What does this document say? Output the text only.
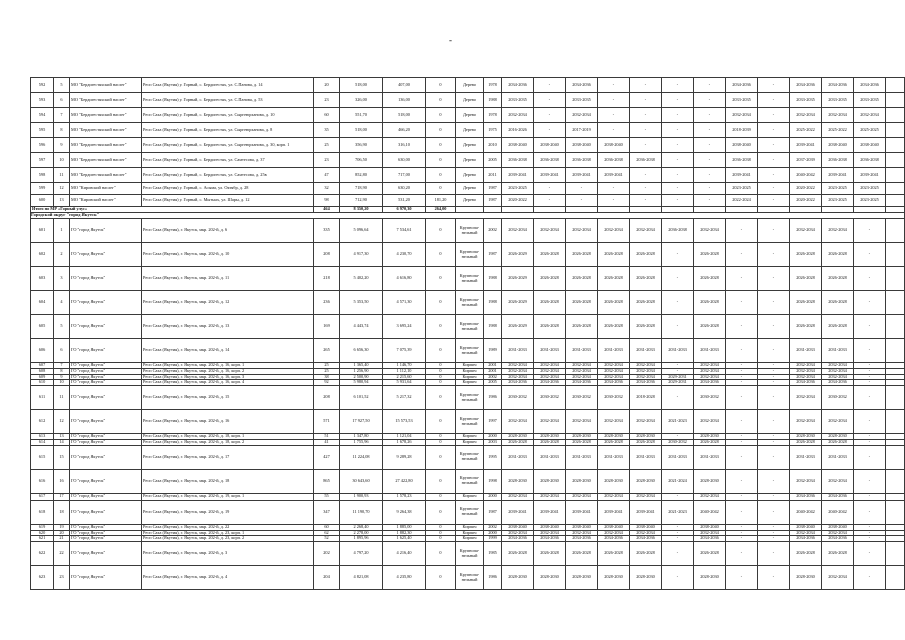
-
592	5	МО "Бердигестяхский наслег"	Респ Саха (Якутия) у. Горный, с. Бердигестях, ул. С.Панова, д. 14	20	518,00	407,00	0	Дерево	1978	2034-2036	-	2034-2036	-	-	-	-	2034-2036	-	2034-2036	2034-2036	2034-2036	
593	6	МО "Бердигестяхский наслег"	Респ Саха (Якутия) у. Горный, с. Бердигестях, ул. С.Панова, д. 53	23	326,00	136,00	0	Дерево	1988	2033-2035	-	2033-2035	-	-	-	-	2033-2035	-	2033-2035	2033-2035	2033-2035	
594	7	МО "Бердигестяхский наслег"	Респ Саха (Якутия) у. Горный, с. Бердигестях, ул. Сыргеюрханова, д. 10	60	551,70	518,00	0	Дерево	1978	2032-2034	-	2032-2034	-	-	-	-	2032-2034	-	2032-2034	2032-2034	2032-2034	
595	8	МО "Бердигестяхский наслег"	Респ Саха (Якутия) у. Горный, с. Бердигестях, ул. Сыргеюрханова, д. 8	35	518,00	466,20	0	Дерево	1975	2016-2026	-	2017-2019	-	-	-	-	2018-2039	-	2025-2022	2025-2022	2025-2025	
596	9	МО "Бердигестяхский наслег"	Респ Саха (Якутия) у. Горный, с. Бердигестях, ул. Сыргеюрханова, д. 30, корп. 1	25	356,90	316,10	0	Дерево	2010	2038-2040	2038-2040	2038-2040	2038-2040	-	-	-	2038-2040	-	2039-2041	2038-2040	2038-2040	
597	10	МО "Бердигестяхский наслег"	Респ Саха (Якутия) у. Горный, с. Бердигестях, ул. Самтесова, д. 37	23	706,50	630,00	0	Дерево	2005	2036-2038	2036-2038	2036-2038	2036-2038	2036-2038	-	-	2036-2038	-	2037-2039	2036-2038	2036-2038	
598	11	МО "Бердигестяхский наслег"	Респ Саха (Якутия) у. Горный, с. Бердигестях, ул. Самтесова, д. 25в	47	852,80	717,00	0	Дерево	2011	2039-2041	2039-2041	2039-2041	2039-2041	-	-	-	2039-2041	-	2040-2042	2039-2041	2039-2041	
599	12	МО "Кировский наслег"	Респ Саха (Якутия) у. Горный, с. Асыма, ул. Октябр, д. 28	32	718,90	630,20	0	Дерево	1987	2023-2025	-	-	-	-	-	-	2023-2025	-	2020-2022	2023-2025	2023-2025	
600	13	МО "Кировский наслег"	Респ Саха (Якутия) у. Горный, с. Мытыах, ул. Шары, д. 12	98	712,90	531,20	181,20	Дерево	1987	2020-2022	-	-	-	-	-	-	2022-2024	-	2020-2022	2023-2025	2023-2025	
Итого по МР «Горный улус»				464	8 350,20	6 970,30	264,00															
Городской округ "город Якутск"																						
601	1	ГО "город Якутск"	Респ Саха (Якутия), г. Якутск, мкр. 202-й, д. 6	335	5 096,64	7 534,61	0	Крупнопа- нельный	2002	2032-2034	2032-2034	2032-2034	2032-2034	2032-2034	2036-2038	2032-2034	-	-	2032-2034	2032-2034	-	
602	2	ГО "город Якутск"	Респ Саха (Якутия), г. Якутск, мкр. 202-й, д. 10	208	4 917,30	4 230,70	0	Крупнопа- нельный	1987	2026-2029	2026-2028	2026-2028	2026-2028	2026-2028	-	2026-2028	-	-	2026-2028	2026-2028	-	
603	3	ГО "город Якутск"	Респ Саха (Якутия), г. Якутск, мкр. 202-й, д. 11	218	5 402,20	4 616,80	0	Крупнопа- нельный	1988	2026-2029	2026-2028	2026-2028	2026-2028	2026-2028	-	2026-2028	-	-	2026-2028	2026-2028	-	
604	4	ГО "город Якутск"	Респ Саха (Якутия), г. Якутск, мкр. 202-й, д. 12	236	5 353,50	4 571,30	0	Крупнопа- нельный	1988	2026-2029	2026-2028	2026-2028	2026-2028	2026-2028	-	2026-2028	-	-	2026-2028	2026-2028	-	
605	5	ГО "город Якутск"	Респ Саха (Якутия), г. Якутск, мкр. 202-й, д. 13	169	4 443,74	3 695,24	0	Крупнопа- нельный	1988	2026-2029	2026-2028	2026-2028	2026-2028	2026-2028	-	2026-2028	-	-	2026-2028	2026-2028	-	
606	6	ГО "город Якутск"	Респ Саха (Якутия), г. Якутск, мкр. 202-й, д. 14	265	6 656,30	7 075,39	0	Крупнопа- нельный	1989	2031-2033	2031-2033	2031-2033	2031-2033	2031-2033	2031-2033	2031-2033	-	-	2031-2033	2031-2033	-	
607	7	ГО "город Якутск"	Респ Саха (Якутия), г. Якутск, мкр. 202-й, д. 16, корп. 1	25	1 365,40	1 146,70	0	Кирпич	2001	2032-2034	2032-2034	2032-2034	2032-2034	2032-2034	-	2032-2034	-	-	2032-2034	2032-2034	-	
608	8	ГО "город Якутск"	Респ Саха (Якутия), г. Якутск, мкр. 202-й, д. 16, корп. 2	25	1 256,90	1 112,10	0	Кирпич	2001	2032-2034	2032-2034	2032-2034	2032-2034	2032-2034	-	2032-2034	-	-	2032-2034	2032-2034	-	
609	9	ГО "город Якутск"	Респ Саха (Якутия), г. Якутск, мкр. 202-й, д. 16, корп. 3	38	2 500,90	2 215,60	0	Кирпич	2002	2032-2034	2032-2034	2032-2034	2032-2034	2032-2034	2029-2031	2032-2034	-	-	2032-2034	2032-2034	-	
610	10	ГО "город Якутск"	Респ Саха (Якутия), г. Якутск, мкр. 202-й, д. 16, корп. 4	92	5 980,94	5 931,64	0	Кирпич	2005	2034-2036	2034-2036	2034-2036	2034-2036	2034-2036	2029-2031	2034-2036	-	-	2034-2036	2034-2036	-	
611	11	ГО "город Якутск"	Респ Саха (Якутия), г. Якутск, мкр. 202-й, д. 15	208	6 101,52	5 217,32	0	Крупнопа- нельный	1986	2030-2032	2030-2032	2030-2032	2030-2032	2018-2028	-	2030-2032	-	-	2032-2034	2030-2032	-	
612	12	ГО "город Якутск"	Респ Саха (Якутия), г. Якутск, мкр. 202-й, д. 16	571	17 927,50	15 573,53	0	Крупнопа- нельный	1997	2032-2034	2032-2034	2032-2034	2032-2034	2032-2034	2021-2023	2032-2034	-	-	2032-2034	2032-2034	-	
613	13	ГО "город Якутск"	Респ Саха (Якутия), г. Якутск, мкр. 202-й, д. 18, корп. 1	51	1 347,80	1 121,04	0	Кирпич	2000	2028-2030	2028-2030	2028-2030	2028-2030	2028-2030	-	2028-2030	-	-	2028-2030	2028-2030	-	
614	14	ГО "город Якутск"	Респ Саха (Якутия), г. Якутск, мкр. 202-й, д. 18, корп. 2	41	1 755,96	1 678,26	0	Кирпич	2003	2026-2028	2026-2028	2026-2028	2026-2028	2026-2028	2030-2032	2026-2028	-	-	2026-2028	2026-2028	-	
615	15	ГО "город Якутск"	Респ Саха (Якутия), г. Якутск, мкр. 202-й, д. 17	427	11 224,08	9 289,28	0	Крупнопа- нельный	1995	2031-2033	2031-2033	2031-2033	2031-2033	2031-2033	2031-2033	2031-2033	-	-	2031-2033	2031-2033	-	
616	16	ГО "город Якутск"	Респ Саха (Якутия), г. Якутск, мкр. 202-й, д. 18	865	30 643,60	27 422,80	0	Крупнопа- нельный	1998	2028-2030	2028-2030	2028-2030	2028-2030	2028-2030	2021-2024	2028-2030	-	-	2032-2034	2032-2034	-	
617	17	ГО "город Якутск"	Респ Саха (Якутия), г. Якутск, мкр. 202-й, д. 19, корп. 1	55	1 900,93	1 578,23	0	Кирпич	2000	2032-2034	2032-2034	2032-2034	2032-2034	2032-2034	-	2032-2034	-	-	2034-2036	2034-2036	-	
618	18	ГО "город Якутск"	Респ Саха (Якутия), г. Якутск, мкр. 202-й, д. 19	347	11 190,70	9 264,38	0	Крупнопа- нельный	1987	2039-2041	2039-2041	2039-2041	2039-2041	2039-2041	2021-2023	2040-2042	-	-	2040-2042	2040-2042	-	
619	19	ГО "город Якутск"	Респ Саха (Якутия), г. Якутск, мкр. 202-й, д. 22	60	2 268,40	1 885,00	0	Кирпич	2002	2038-2040	2038-2040	2038-2040	2038-2040	2038-2040	-	2038-2040	-	-	2038-2040	2038-2040	-	
620	20	ГО "город Якутск"	Респ Саха (Якутия), г. Якутск, мкр. 202-й, д. 23, корп. 1	62	2 278,00	1 882,30	0	Кирпич	2000	2032-2034	2032-2034	2032-2034	2032-2034	2032-2034	-	2032-2034	-	-	2032-2034	2032-2034	-	
621	21	ГО "город Якутск"	Респ Саха (Якутия), г. Якутск, мкр. 202-й, д. 23, корп. 2	52	1 895,96	1 625,40	0	Кирпич	1999	2034-2036	2034-2036	2034-2036	2034-2036	2034-2036	-	2034-2036	-	-	2034-2036	2034-2036	-	
622	22	ГО "город Якутск"	Респ Саха (Якутия), г. Якутск, мкр. 202-й, д. 3	202	4 797,20	4 216,40	0	Крупнопа- нельный	1985	2026-2028	2026-2028	2026-2028	2026-2028	2026-2028	-	2026-2028	-	-	2026-2028	2026-2028	-	
623	23	ГО "город Якутск"	Респ Саха (Якутия), г. Якутск, мкр. 202-й, д. 4	204	4 821,08	4 235,80	0	Крупнопа- нельный	1986	2028-2030	2028-2030	2028-2030	2028-2030	2028-2030	-	2028-2030	-	-	2028-2030	2032-2034	-	
